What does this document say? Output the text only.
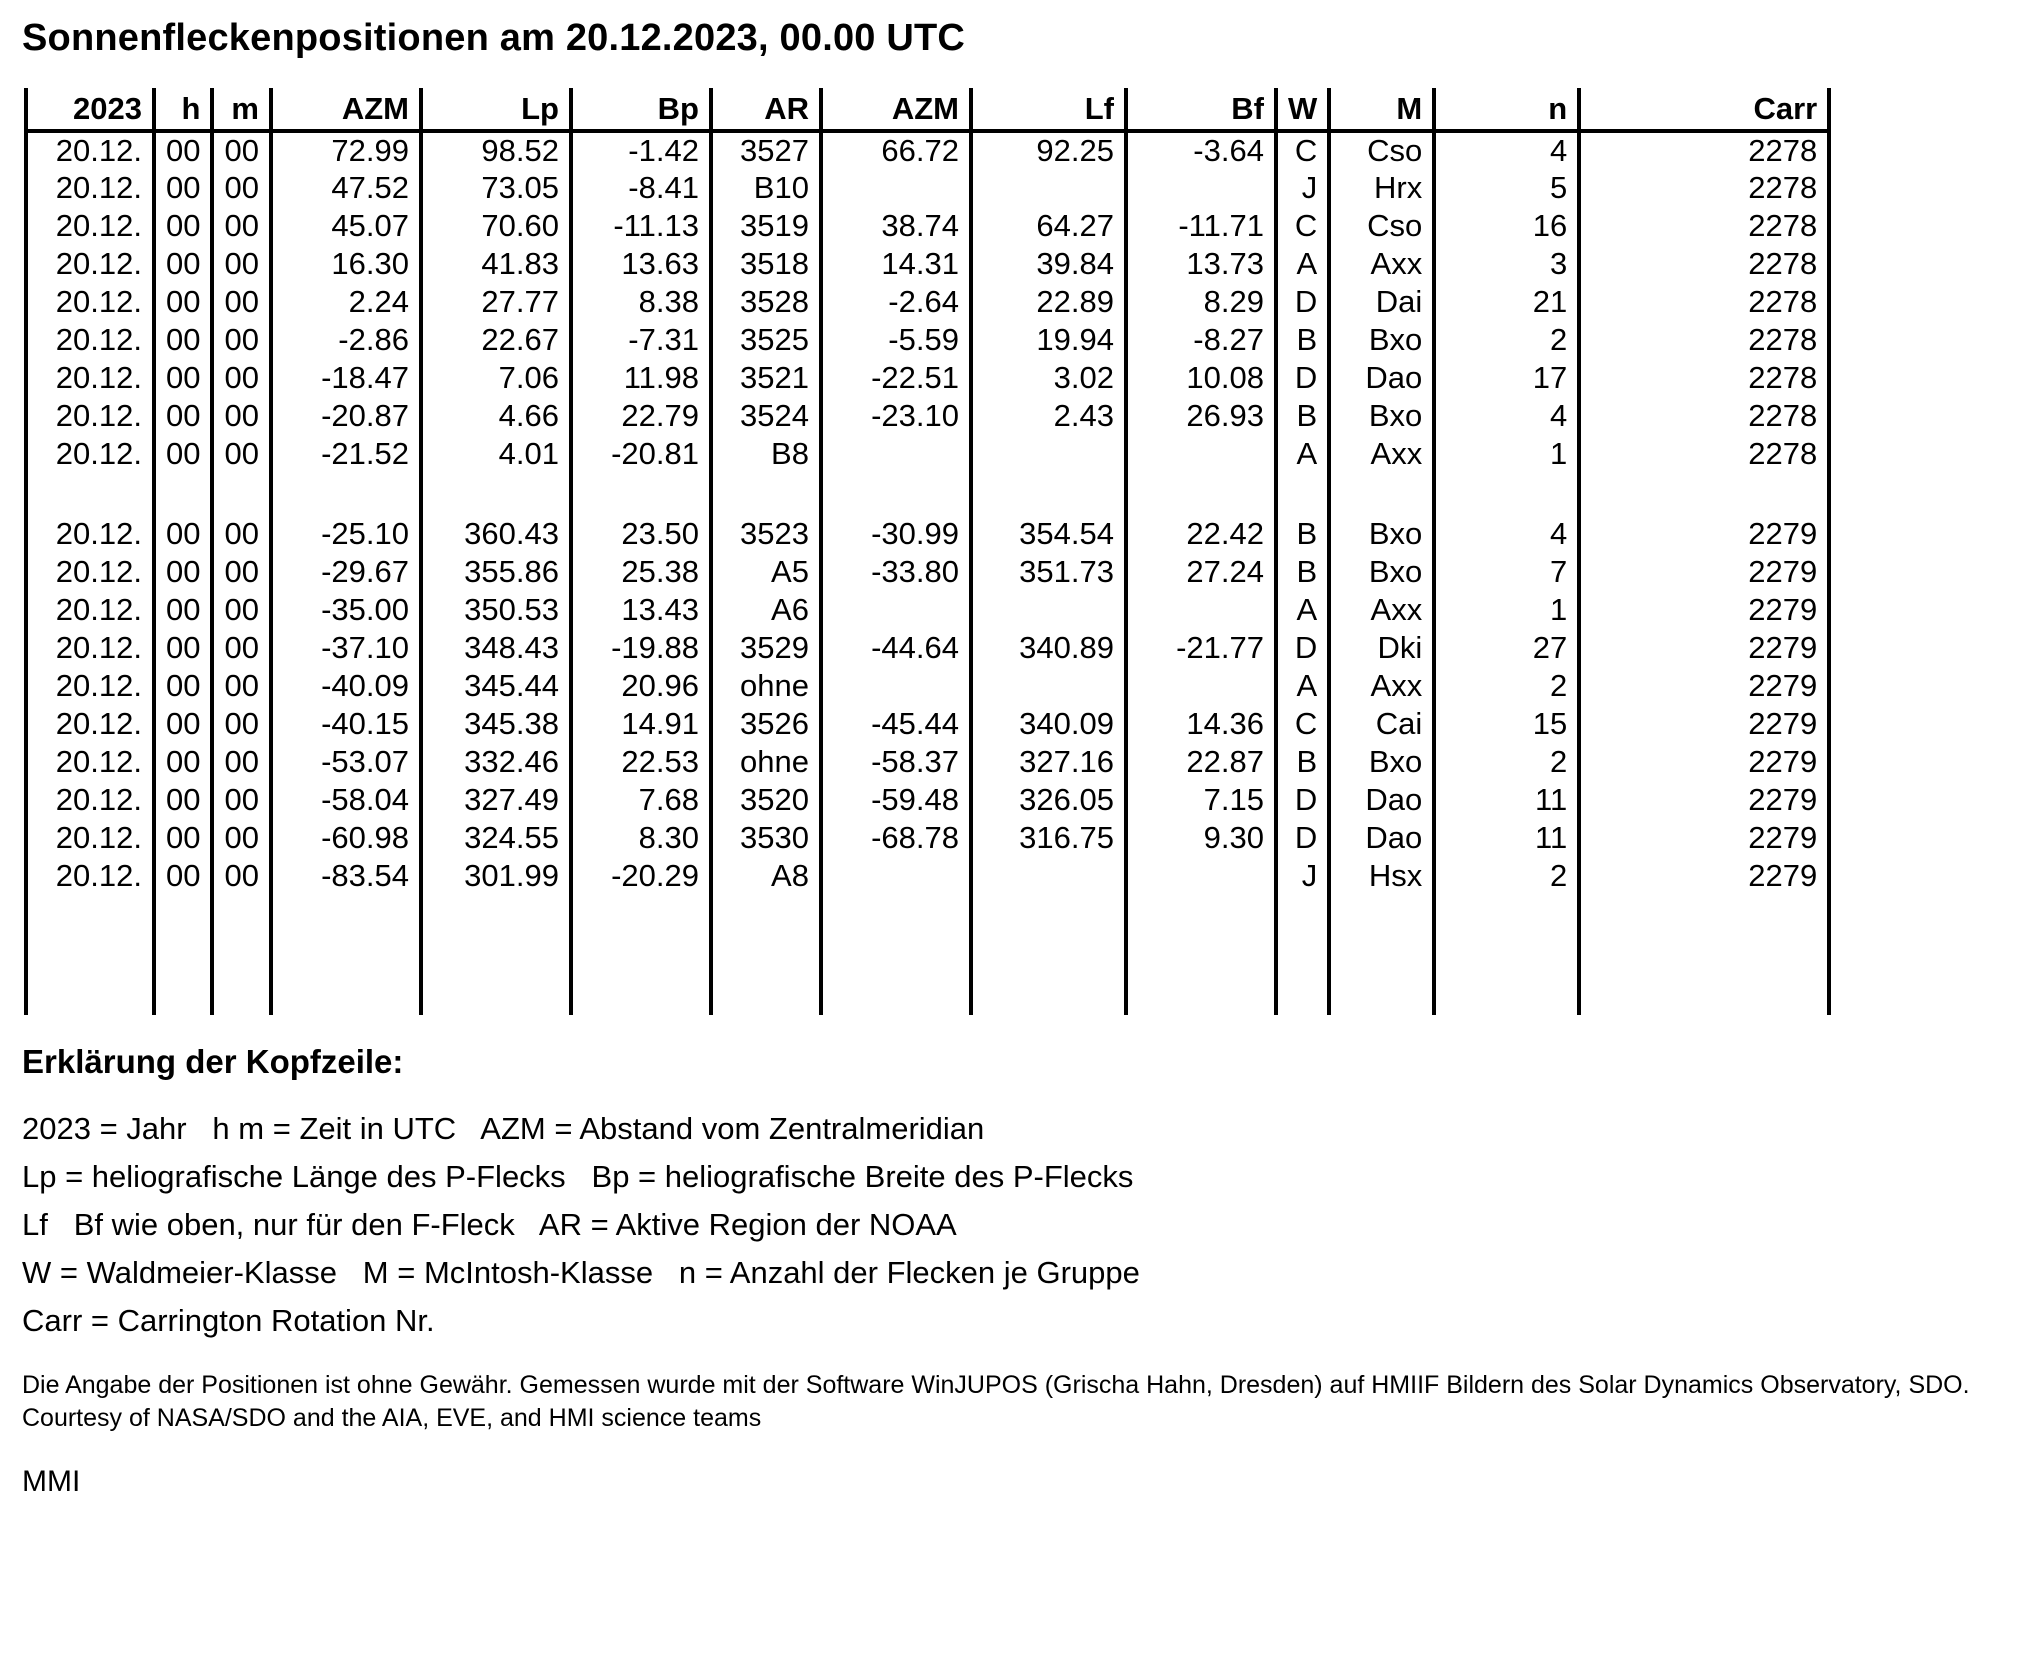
Sonnenfleckenpositionen am 20.12.2023, 00.00 UTC
2023	h	m	AZM	Lp	Bp	AR	AZM	Lf	Bf	W	M	n		Carr
20.12.	00	00	72.99	98.52	-1.42	3527	66.72	92.25	-3.64	C	Cso	4		2278
20.12.	00	00	47.52	73.05	-8.41	B10				J	Hrx	5		2278
20.12.	00	00	45.07	70.60	-11.13	3519	38.74	64.27	-11.71	C	Cso	16		2278
20.12.	00	00	16.30	41.83	13.63	3518	14.31	39.84	13.73	A	Axx	3		2278
20.12.	00	00	2.24	27.77	8.38	3528	-2.64	22.89	8.29	D	Dai	21		2278
20.12.	00	00	-2.86	22.67	-7.31	3525	-5.59	19.94	-8.27	B	Bxo	2		2278
20.12.	00	00	-18.47	7.06	11.98	3521	-22.51	3.02	10.08	D	Dao	17		2278
20.12.	00	00	-20.87	4.66	22.79	3524	-23.10	2.43	26.93	B	Bxo	4		2278
20.12.	00	00	-21.52	4.01	-20.81	B8				A	Axx	1		2278

20.12.	00	00	-25.10	360.43	23.50	3523	-30.99	354.54	22.42	B	Bxo	4		2279
20.12.	00	00	-29.67	355.86	25.38	A5	-33.80	351.73	27.24	B	Bxo	7		2279
20.12.	00	00	-35.00	350.53	13.43	A6				A	Axx	1		2279
20.12.	00	00	-37.10	348.43	-19.88	3529	-44.64	340.89	-21.77	D	Dki	27		2279
20.12.	00	00	-40.09	345.44	20.96	ohne				A	Axx	2		2279
20.12.	00	00	-40.15	345.38	14.91	3526	-45.44	340.09	14.36	C	Cai	15		2279
20.12.	00	00	-53.07	332.46	22.53	ohne	-58.37	327.16	22.87	B	Bxo	2		2279
20.12.	00	00	-58.04	327.49	7.68	3520	-59.48	326.05	7.15	D	Dao	11		2279
20.12.	00	00	-60.98	324.55	8.30	3530	-68.78	316.75	9.30	D	Dao	11		2279
20.12.	00	00	-83.54	301.99	-20.29	A8				J	Hsx	2		2279

Erklärung der Kopfzeile:
2023 = Jahr   h m = Zeit in UTC   AZM = Abstand vom Zentralmeridian
Lp = heliografische Länge des P-Flecks   Bp = heliografische Breite des P-Flecks
Lf   Bf wie oben, nur für den F-Fleck   AR = Aktive Region der NOAA
W = Waldmeier-Klasse   M = McIntosh-Klasse   n = Anzahl der Flecken je Gruppe
Carr = Carrington Rotation Nr.
Die Angabe der Positionen ist ohne Gewähr. Gemessen wurde mit der Software WinJUPOS (Grischa Hahn, Dresden) auf HMIIF Bildern des Solar Dynamics Observatory, SDO. Courtesy of NASA/SDO and the AIA, EVE, and HMI science teams
MMI
